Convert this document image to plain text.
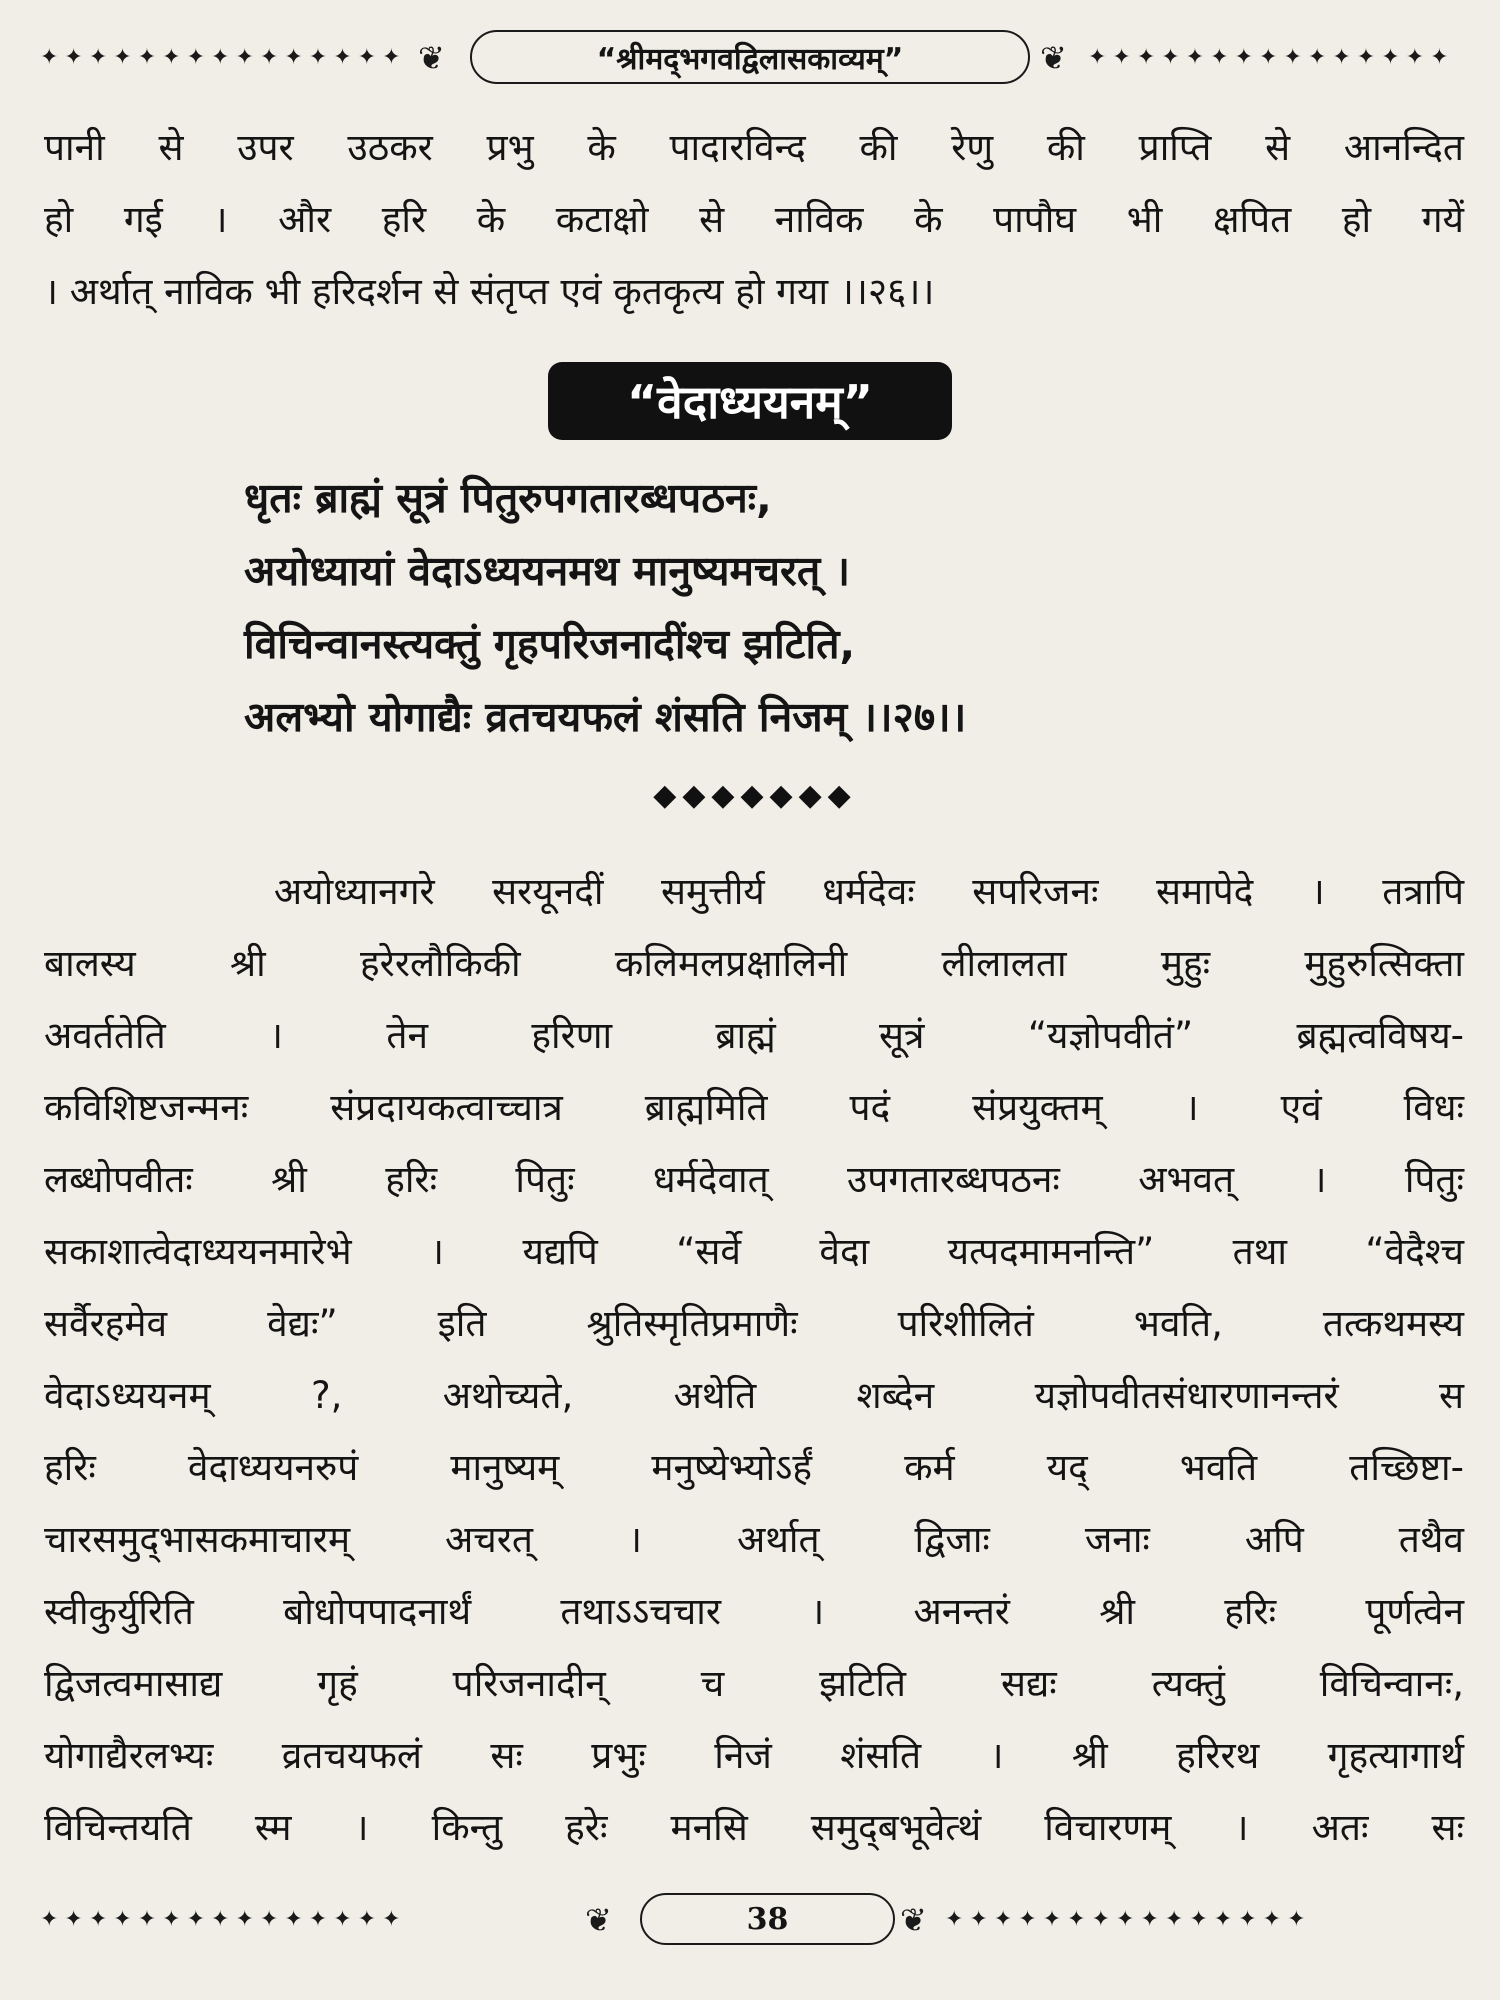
✦✦✦✦✦✦✦✦✦✦✦✦✦✦✦ ❦	❦ ✦✦✦✦✦✦✦✦✦✦✦✦✦✦✦
“श्रीमद्‌भगवद्विलासकाव्यम्”
पानी से उपर उठकर प्रभु के पादारविन्द की रेणु की प्राप्ति से आनन्दित
हो गई । और हरि के कटाक्षो से नाविक के पापौघ भी क्षपित हो गयें
। अर्थात् नाविक भी हरिदर्शन से संतृप्त एवं कृतकृत्य हो गया ।।२६।।
“वेदाध्ययनम्”
धृतः ब्राह्मं सूत्रं पितुरुपगतारब्धपठनः,
अयोध्यायां वेदाऽध्ययनमथ मानुष्यमचरत् ।
विचिन्वानस्त्यक्तुं गृहपरिजनादींश्च झटिति,
अलभ्यो योगाद्यैः व्रतचयफलं शंसति निजम् ।।२७।।
◆◆◆◆◆◆◆
अयोध्यानगरे सरयूनदीं समुत्तीर्य धर्मदेवः सपरिजनः समापेदे । तत्रापि
बालस्य श्री हरेरलौकिकी कलिमलप्रक्षालिनी लीलालता मुहुः मुहुरुत्सिक्ता
अवर्ततेति । तेन हरिणा ब्राह्मं सूत्रं “यज्ञोपवीतं” ब्रह्मत्वविषय-
कविशिष्टजन्मनः संप्रदायकत्वाच्चात्र ब्राह्ममिति पदं संप्रयुक्तम् । एवं विधः
लब्धोपवीतः श्री हरिः पितुः धर्मदेवात् उपगतारब्धपठनः अभवत् । पितुः
सकाशात्वेदाध्ययनमारेभे । यद्यपि “सर्वे वेदा यत्पदमामनन्ति” तथा “वेदैश्च
सर्वैरहमेव वेद्यः” इति श्रुतिस्मृतिप्रमाणैः परिशीलितं भवति, तत्कथमस्य
वेदाऽध्ययनम् ?, अथोच्यते, अथेति शब्देन यज्ञोपवीतसंधारणानन्तरं स
हरिः वेदाध्ययनरुपं मानुष्यम् मनुष्येभ्योऽर्हं कर्म यद् भवति तच्छिष्टा-
चारसमुद्‌भासकमाचारम् अचरत् । अर्थात् द्विजाः जनाः अपि तथैव
स्वीकुर्युरिति बोधोपपादनार्थं तथाऽऽचचार । अनन्तरं श्री हरिः पूर्णत्वेन
द्विजत्वमासाद्य गृहं परिजनादीन् च झटिति सद्यः त्यक्तुं विचिन्वानः,
योगाद्यैरलभ्यः व्रतचयफलं सः प्रभुः निजं शंसति । श्री हरिरथ गृहत्यागार्थ
विचिन्तयति स्म । किन्तु हरेः मनसि समुद्‌बभूवेत्थं विचारणम् । अतः सः
✦✦✦✦✦✦✦✦✦✦✦✦✦✦✦	❦	❦ ✦✦✦✦✦✦✦✦✦✦✦✦✦✦✦
38
